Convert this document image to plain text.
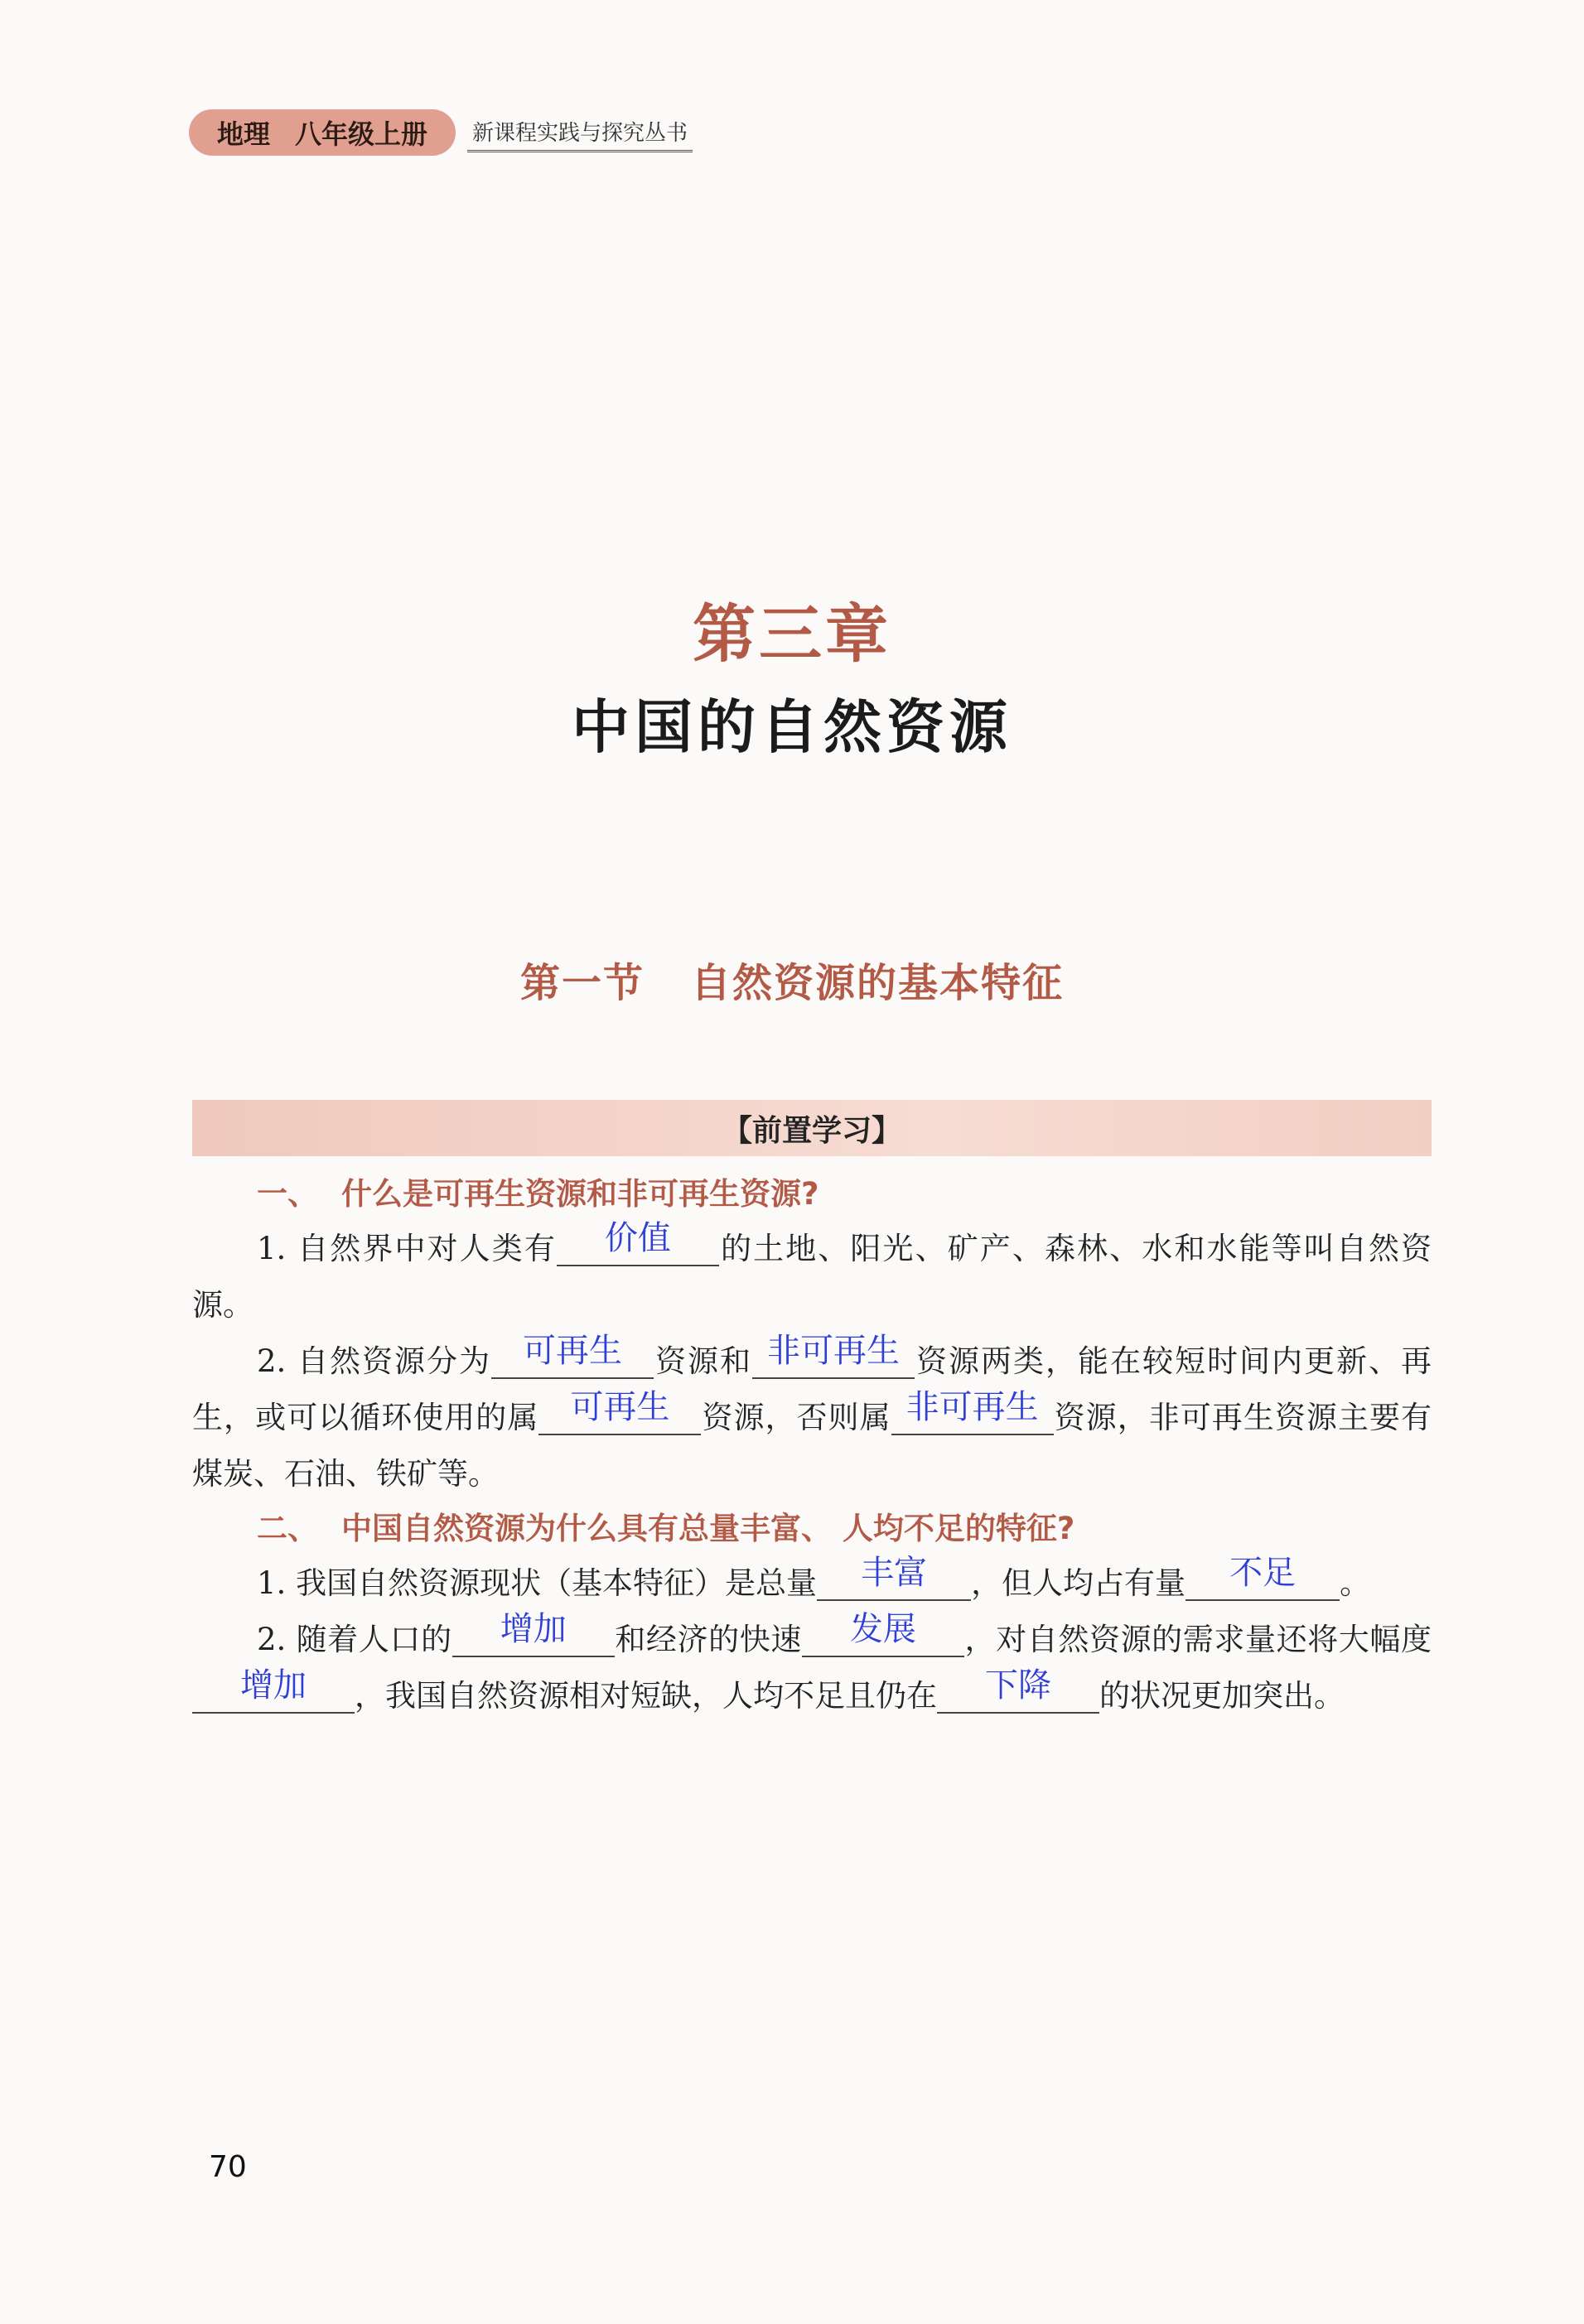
地理 八年级上册 新课程实践与探究丛书
第三章
中国的自然资源
第一节 自然资源的基本特征
【前置学习】
一、 什么是可再生资源和非可再生资源?
1. 自然界中对人类有 价值 的土地、阳光、矿产、森林、水和水能等叫自然资源。
2. 自然资源分为 可再生 资源和 非可再生 资源两类，能在较短时间内更新、再生，或可以循环使用的属 可再生 资源，否则属 非可再生 资源，非可再生资源主要有煤炭、石油、铁矿等。
二、 中国自然资源为什么具有总量丰富、 人均不足的特征?
1. 我国自然资源现状（基本特征）是总量 丰富 ，但人均占有量 不足 。
2. 随着人口的 增加 和经济的快速 发展 ，对自然资源的需求量还将大幅度增加 ，我国自然资源相对短缺，人均不足且仍在 下降 的状况更加突出。
70
